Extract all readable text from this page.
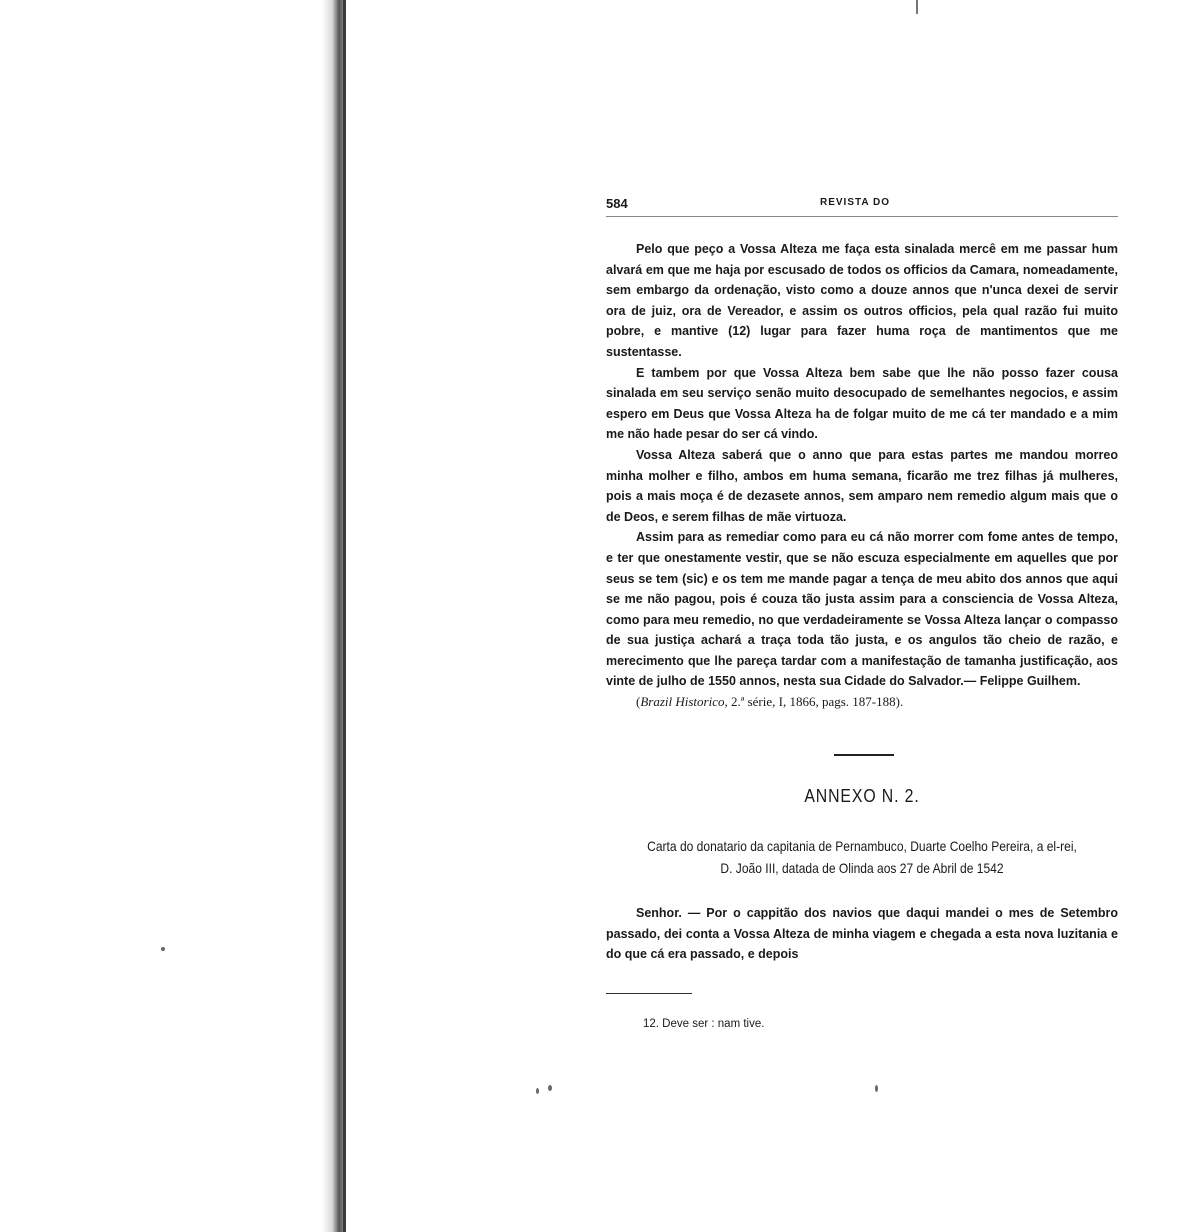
584	REVISTA DO

Pelo que peço a Vossa Alteza me faça esta sinalada mercê em me passar hum alvará em que me haja por escusado de todos os officios da Camara, nomeadamente, sem embargo da ordenação, visto como a douze annos que n'unca dexei de servir ora de juiz, ora de Vereador, e assim os outros officios, pela qual razão fui muito pobre, e mantive (12) lugar para fazer huma roça de mantimentos que me sustentasse.

E tambem por que Vossa Alteza bem sabe que lhe não posso fazer cousa sinalada em seu serviço senão muito desocupado de semelhantes negocios, e assim espero em Deus que Vossa Alteza ha de folgar muito de me cá ter mandado e a mim me não hade pesar do ser cá vindo.

Vossa Alteza saberá que o anno que para estas partes me mandou morreo minha molher e filho, ambos em huma semana, ficarão me trez filhas já mulheres, pois a mais moça é de dezasete annos, sem amparo nem remedio algum mais que o de Deos, e serem filhas de mãe virtuoza.

Assim para as remediar como para eu cá não morrer com fome antes de tempo, e ter que onestamente vestir, que se não escuza especialmente em aquelles que por seus se tem (sic) e os tem me mande pagar a tença de meu abito dos annos que aqui se me não pagou, pois é couza tão justa assim para a consciencia de Vossa Alteza, como para meu remedio, no que verdadeiramente se Vossa Alteza lançar o compasso de sua justiça achará a traça toda tão justa, e os angulos tão cheio de razão, e merecimento que lhe pareça tardar com a manifestação de tamanha justificação, aos vinte de julho de 1550 annos, nesta sua Cidade do Salvador.— Felippe Guilhem.

(Brazil Historico, 2.ª série, I, 1866, pags. 187-188).
ANNEXO N. 2.
Carta do donatario da capitania de Pernambuco, Duarte Coelho Pereira, a el-rei, D. João III, datada de Olinda aos 27 de Abril de 1542

Senhor. — Por o cappitão dos navios que daqui mandei o mes de Setembro passado, dei conta a Vossa Alteza de minha viagem e chegada a esta nova luzitania e do que cá era passado, e depois

12. Deve ser : nam tive.
